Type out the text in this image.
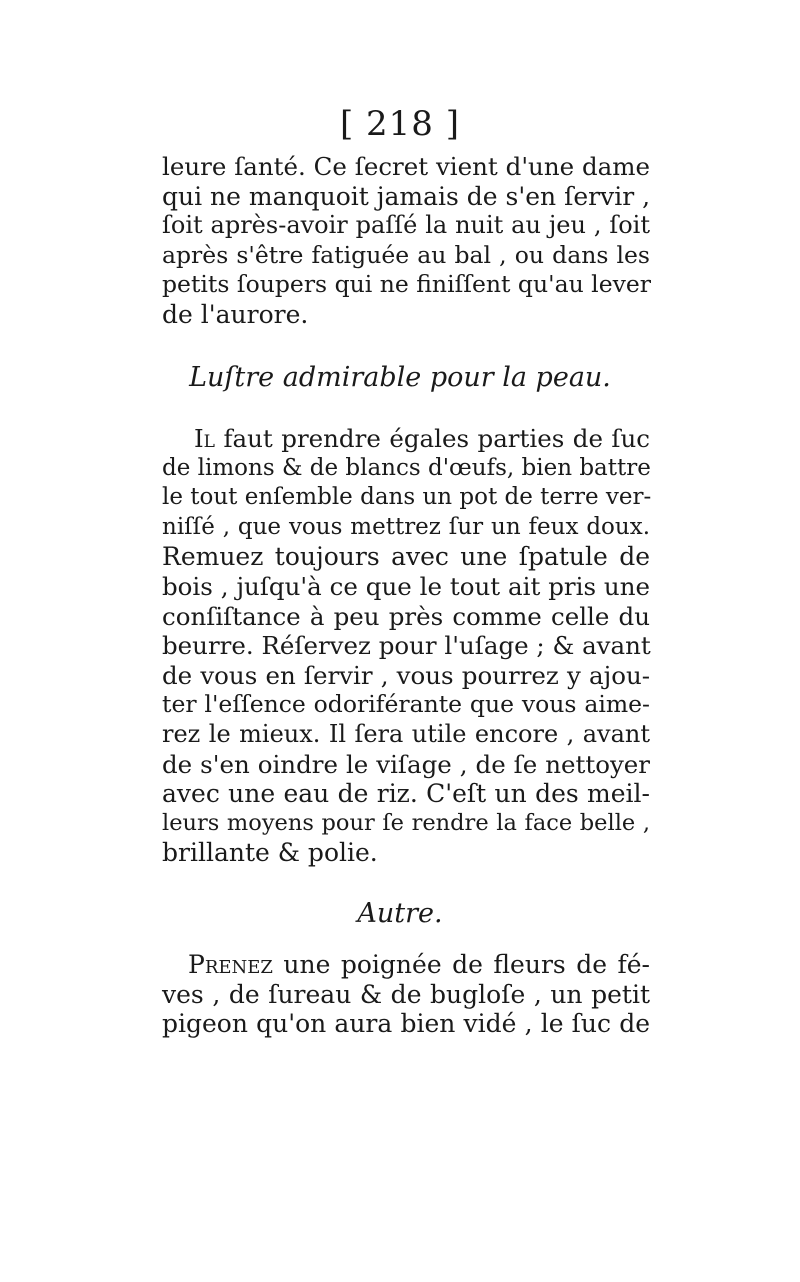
[ 218 ]
leure ſanté. Ce ſecret vient d'une dame
qui ne manquoit jamais de s'en ſervir ,
ſoit après-avoir paſſé la nuit au jeu , ſoit
après s'être fatiguée au bal , ou dans les
petits ſoupers qui ne finiſſent qu'au lever
de l'aurore.
Luſtre admirable pour la peau.
Il faut prendre égales parties de ſuc
de limons & de blancs d'œufs, bien battre
le tout enſemble dans un pot de terre ver-
niſſé , que vous mettrez ſur un feux doux.
Remuez toujours avec une ſpatule de
bois , juſqu'à ce que le tout ait pris une
conſiſtance à peu près comme celle du
beurre. Réſervez pour l'uſage ; & avant
de vous en ſervir , vous pourrez y ajou-
ter l'eſſence odoriférante que vous aime-
rez le mieux. Il ſera utile encore , avant
de s'en oindre le viſage , de ſe nettoyer
avec une eau de riz. C'eſt un des meil-
leurs moyens pour ſe rendre la face belle ,
brillante & polie.
Autre.
Prenez une poignée de fleurs de fé-
ves , de ſureau & de bugloſe , un petit
pigeon qu'on aura bien vidé , le ſuc de
